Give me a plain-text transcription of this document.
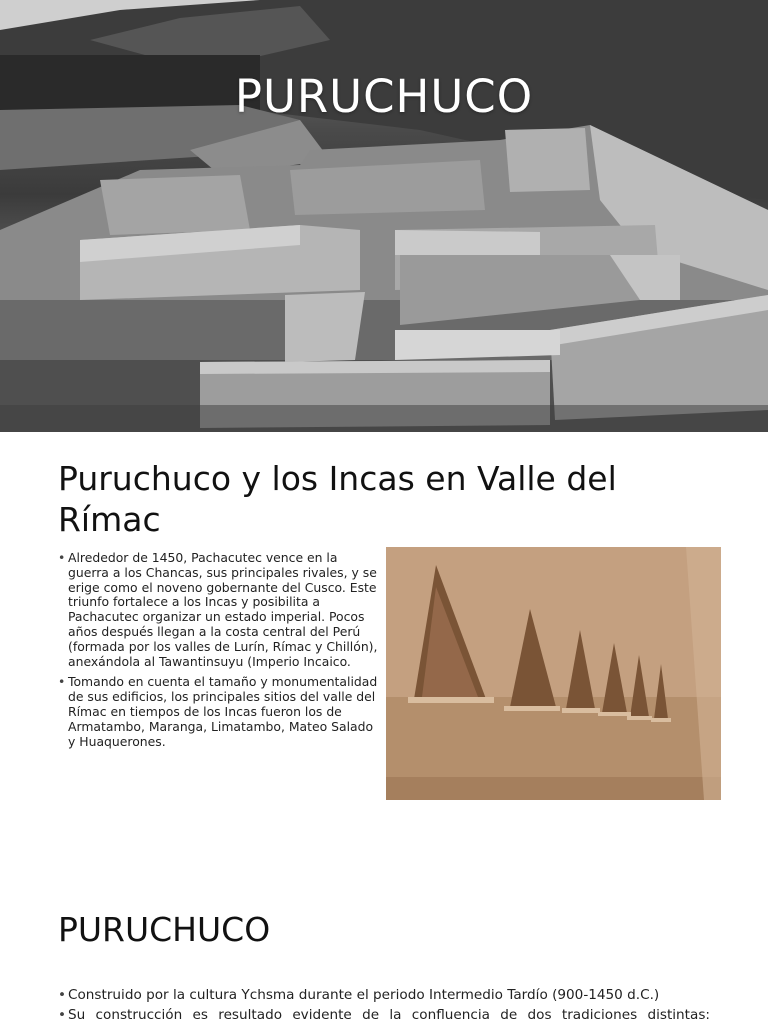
PURUCHUCO
Puruchuco y los Incas en Valle del Rímac
• Alrededor de 1450, Pachacutec vence en la guerra a los Chancas, sus principales rivales, y se erige como el noveno gobernante del Cusco. Este triunfo fortalece a los Incas y posibilita a Pachacutec organizar un estado imperial. Pocos años después llegan a la costa central del Perú (formada por los valles de Lurín, Rímac y Chillón), anexándola al Tawantinsuyu (Imperio Incaico.
• Tomando en cuenta el tamaño y monumentalidad de sus edificios, los principales sitios del valle del Rímac en tiempos de los Incas fueron los de Armatambo, Maranga, Limatambo, Mateo Salado y Huaquerones.
PURUCHUCO
• Construido por la cultura Ychsma durante el periodo Intermedio Tardío (900-1450 d.C.)
• Su construcción es resultado evidente de la confluencia de dos tradiciones distintas:
